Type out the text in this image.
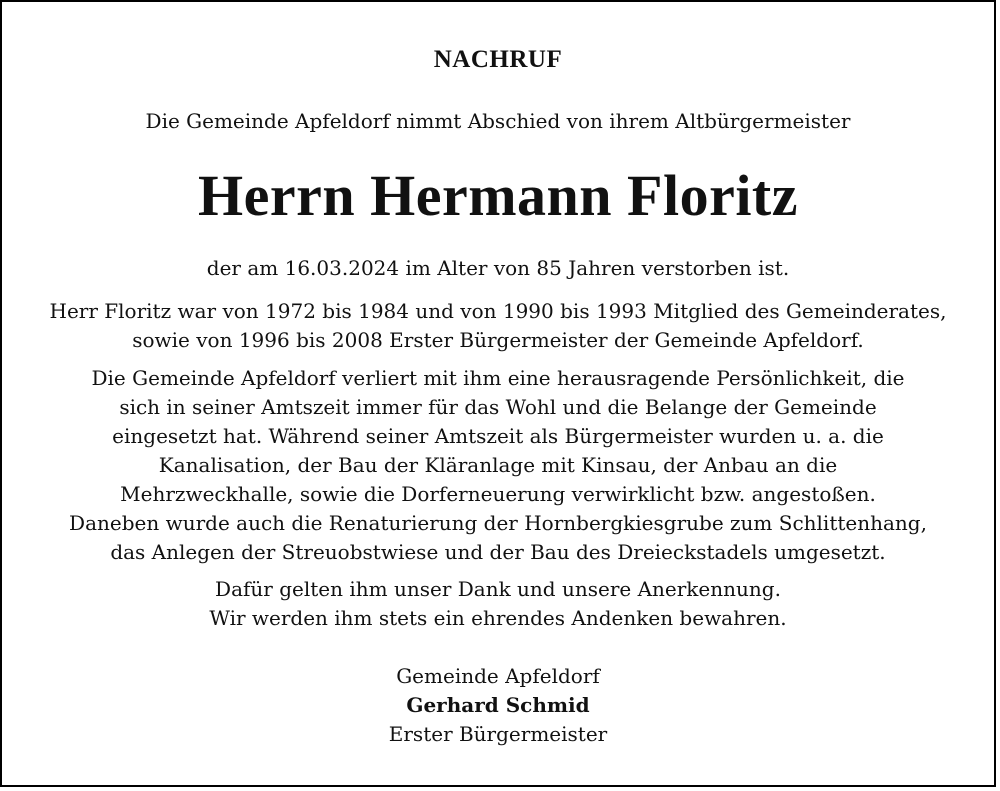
NACHRUF
Die Gemeinde Apfeldorf nimmt Abschied von ihrem Altbürgermeister
Herrn Hermann Floritz

der am 16.03.2024 im Alter von 85 Jahren verstorben ist.

Herr Floritz war von 1972 bis 1984 und von 1990 bis 1993 Mitglied des Gemeinderates,

sowie von 1996 bis 2008 Erster Bürgermeister der Gemeinde Apfeldorf.

Die Gemeinde Apfeldorf verliert mit ihm eine herausragende Persönlichkeit, die

sich in seiner Amtszeit immer für das Wohl und die Belange der Gemeinde

eingesetzt hat. Während seiner Amtszeit als Bürgermeister wurden u. a. die

Kanalisation, der Bau der Kläranlage mit Kinsau, der Anbau an die

Mehrzweckhalle, sowie die Dorferneuerung verwirklicht bzw. angestoßen.

Daneben wurde auch die Renaturierung der Hornbergkiesgrube zum Schlittenhang,

das Anlegen der Streuobstwiese und der Bau des Dreieckstadels umgesetzt.

Dafür gelten ihm unser Dank und unsere Anerkennung.

Wir werden ihm stets ein ehrendes Andenken bewahren.

Gemeinde Apfeldorf

Gerhard Schmid

Erster Bürgermeister
